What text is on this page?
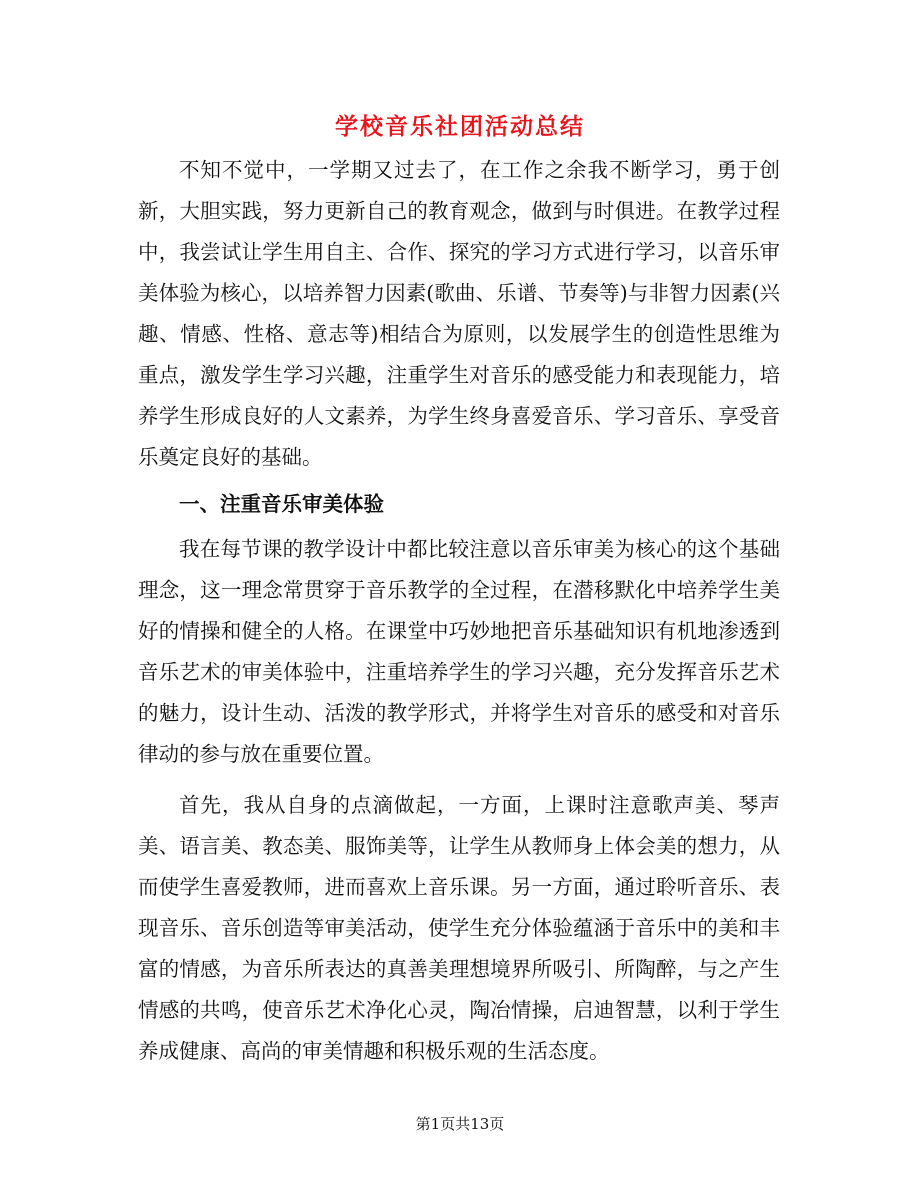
学校音乐社团活动总结

不知不觉中，一学期又过去了，在工作之余我不断学习，勇于创新，大胆实践，努力更新自己的教育观念，做到与时俱进。在教学过程中，我尝试让学生用自主、合作、探究的学习方式进行学习，以音乐审美体验为核心，以培养智力因素(歌曲、乐谱、节奏等)与非智力因素(兴趣、情感、性格、意志等)相结合为原则，以发展学生的创造性思维为重点，激发学生学习兴趣，注重学生对音乐的感受能力和表现能力，培养学生形成良好的人文素养，为学生终身喜爱音乐、学习音乐、享受音乐奠定良好的基础。

一、注重音乐审美体验

我在每节课的教学设计中都比较注意以音乐审美为核心的这个基础理念，这一理念常贯穿于音乐教学的全过程，在潜移默化中培养学生美好的情操和健全的人格。在课堂中巧妙地把音乐基础知识有机地渗透到音乐艺术的审美体验中，注重培养学生的学习兴趣，充分发挥音乐艺术的魅力，设计生动、活泼的教学形式，并将学生对音乐的感受和对音乐律动的参与放在重要位置。

首先，我从自身的点滴做起，一方面，上课时注意歌声美、琴声美、语言美、教态美、服饰美等，让学生从教师身上体会美的想力，从而使学生喜爱教师，进而喜欢上音乐课。另一方面，通过聆听音乐、表现音乐、音乐创造等审美活动，使学生充分体验蕴涵于音乐中的美和丰富的情感，为音乐所表达的真善美理想境界所吸引、所陶醉，与之产生情感的共鸣，使音乐艺术净化心灵，陶冶情操，启迪智慧，以利于学生养成健康、高尚的审美情趣和积极乐观的生活态度。

第1页共13页
